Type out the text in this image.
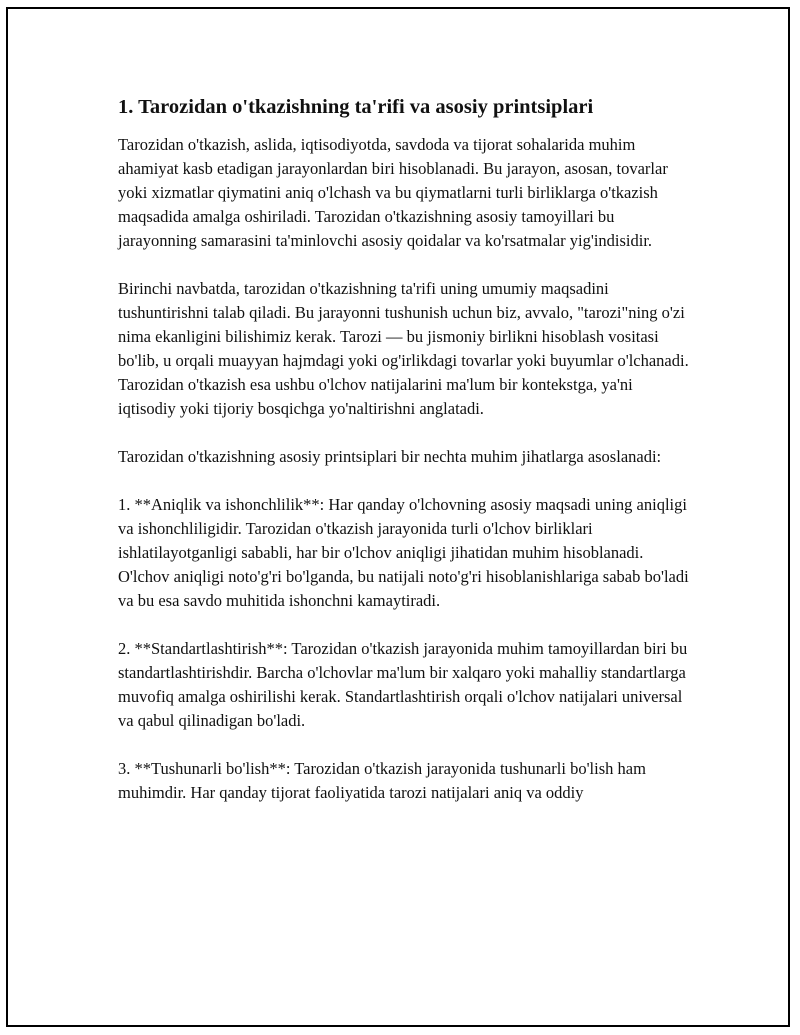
1. Tarozidan o'tkazishning ta'rifi va asosiy printsiplari

Tarozidan o'tkazish, aslida, iqtisodiyotda, savdoda va tijorat sohalarida muhim ahamiyat kasb etadigan jarayonlardan biri hisoblanadi. Bu jarayon, asosan, tovarlar yoki xizmatlar qiymatini aniq o'lchash va bu qiymatlarni turli birliklarga o'tkazish maqsadida amalga oshiriladi. Tarozidan o'tkazishning asosiy tamoyillari bu jarayonning samarasini ta'minlovchi asosiy qoidalar va ko'rsatmalar yig'indisidir.

Birinchi navbatda, tarozidan o'tkazishning ta'rifi uning umumiy maqsadini tushuntirishni talab qiladi. Bu jarayonni tushunish uchun biz, avvalo, "tarozi"ning o'zi nima ekanligini bilishimiz kerak. Tarozi — bu jismoniy birlikni hisoblash vositasi bo'lib, u orqali muayyan hajmdagi yoki og'irlikdagi tovarlar yoki buyumlar o'lchanadi. Tarozidan o'tkazish esa ushbu o'lchov natijalarini ma'lum bir kontekstga, ya'ni iqtisodiy yoki tijoriy bosqichga yo'naltirishni anglatadi.

Tarozidan o'tkazishning asosiy printsiplari bir nechta muhim jihatlarga asoslanadi:

1. **Aniqlik va ishonchlilik**: Har qanday o'lchovning asosiy maqsadi uning aniqligi va ishonchliligidir. Tarozidan o'tkazish jarayonida turli o'lchov birliklari ishlatilayotganligi sababli, har bir o'lchov aniqligi jihatidan muhim hisoblanadi. O'lchov aniqligi noto'g'ri bo'lganda, bu natijali noto'g'ri hisoblanishlariga sabab bo'ladi va bu esa savdo muhitida ishonchni kamaytiradi.

2. **Standartlashtirish**: Tarozidan o'tkazish jarayonida muhim tamoyillardan biri bu standartlashtirishdir. Barcha o'lchovlar ma'lum bir xalqaro yoki mahalliy standartlarga muvofiq amalga oshirilishi kerak. Standartlashtirish orqali o'lchov natijalari universal va qabul qilinadigan bo'ladi.

3. **Tushunarli bo'lish**: Tarozidan o'tkazish jarayonida tushunarli bo'lish ham muhimdir. Har qanday tijorat faoliyatida tarozi natijalari aniq va oddiy
